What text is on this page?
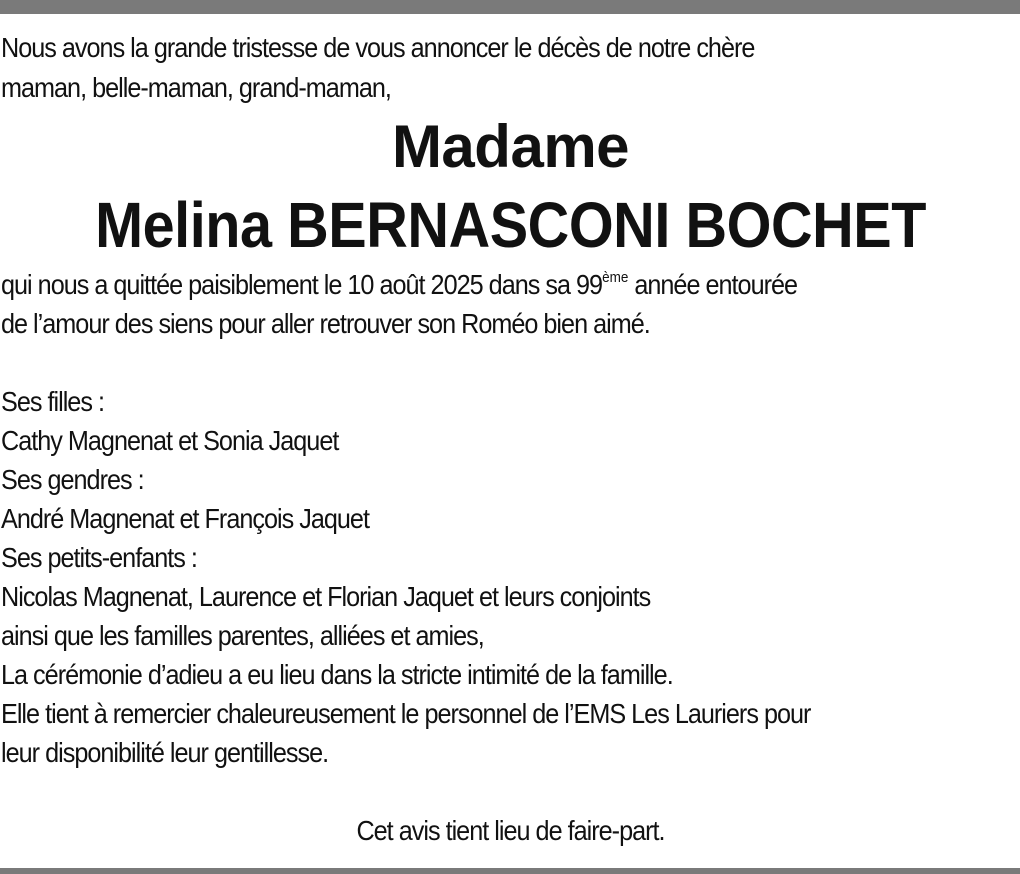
Nous avons la grande tristesse de vous annoncer le décès de notre chère
maman, belle-maman, grand-maman,
Madame
Melina BERNASCONI BOCHET
qui nous a quittée paisiblement le 10 août 2025 dans sa 99ème année entourée
de l’amour des siens pour aller retrouver son Roméo bien aimé.
Ses filles :
Cathy Magnenat et Sonia Jaquet
Ses gendres :
André Magnenat et François Jaquet
Ses petits-enfants :
Nicolas Magnenat, Laurence et Florian Jaquet et leurs conjoints
ainsi que les familles parentes, alliées et amies,
La cérémonie d’adieu a eu lieu dans la stricte intimité de la famille.
Elle tient à remercier chaleureusement le personnel de l’EMS Les Lauriers pour
leur disponibilité leur gentillesse.
Cet avis tient lieu de faire-part.
